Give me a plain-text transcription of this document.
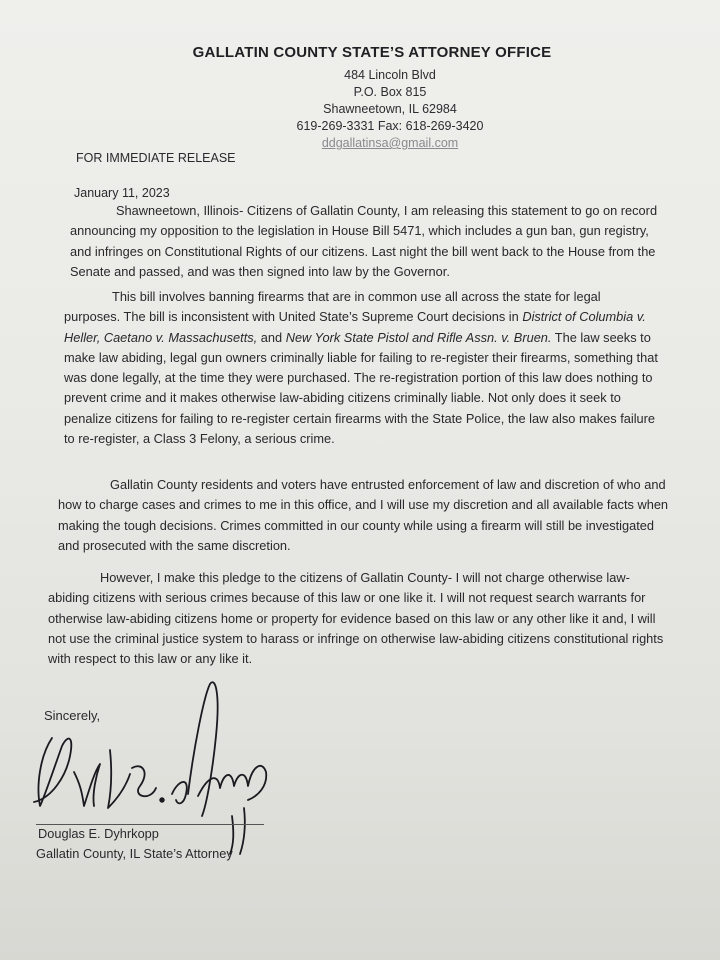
GALLATIN COUNTY STATE’S ATTORNEY OFFICE
484 Lincoln Blvd
P.O. Box 815
Shawneetown, IL 62984
619-269-3331 Fax: 618-269-3420
ddgallatinsa@gmail.com
FOR IMMEDIATE RELEASE
January 11, 2023
Shawneetown, Illinois- Citizens of Gallatin County, I am releasing this statement to go on record announcing my opposition to the legislation in House Bill 5471, which includes a gun ban, gun registry, and infringes on Constitutional Rights of our citizens. Last night the bill went back to the House from the Senate and passed, and was then signed into law by the Governor.
This bill involves banning firearms that are in common use all across the state for legal purposes. The bill is inconsistent with United State’s Supreme Court decisions in District of Columbia v. Heller, Caetano v. Massachusetts, and New York State Pistol and Rifle Assn. v. Bruen. The law seeks to make law abiding, legal gun owners criminally liable for failing to re-register their firearms, something that was done legally, at the time they were purchased. The re-registration portion of this law does nothing to prevent crime and it makes otherwise law-abiding citizens criminally liable. Not only does it seek to penalize citizens for failing to re-register certain firearms with the State Police, the law also makes failure to re-register, a Class 3 Felony, a serious crime.
Gallatin County residents and voters have entrusted enforcement of law and discretion of who and how to charge cases and crimes to me in this office, and I will use my discretion and all available facts when making the tough decisions. Crimes committed in our county while using a firearm will still be investigated and prosecuted with the same discretion.
However, I make this pledge to the citizens of Gallatin County- I will not charge otherwise law-abiding citizens with serious crimes because of this law or one like it. I will not request search warrants for otherwise law-abiding citizens home or property for evidence based on this law or any other like it and, I will not use the criminal justice system to harass or infringe on otherwise law-abiding citizens constitutional rights with respect to this law or any like it.
Sincerely,
Douglas E. Dyhrkopp
Gallatin County, IL State’s Attorney
